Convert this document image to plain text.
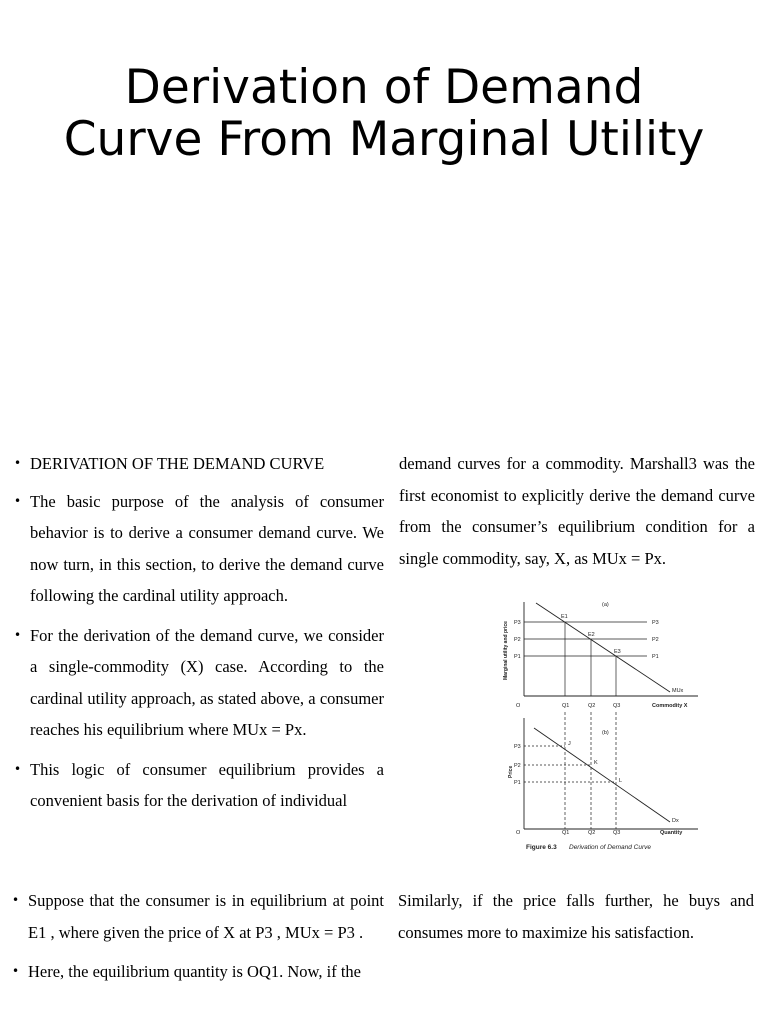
Derivation of Demand Curve From Marginal Utility
• DERIVATION OF THE DEMAND CURVE
• The basic purpose of the analysis of consumer behavior is to derive a consumer demand curve. We now turn, in this section, to derive the demand curve following the cardinal utility approach.
• For the derivation of the demand curve, we consider a single-commodity (X) case. According to the cardinal utility approach, as stated above, a consumer reaches his equilibrium where MUx = Px.
• This logic of consumer equilibrium provides a convenient basis for the derivation of individual

demand curves for a commodity. Marshall3 was the first economist to explicitly derive the demand curve from the consumer’s equilibrium condition for a single commodity, say, X, as MUx = Px.

(a)
Marginal utility and price P3
P2
P1
P3
P2
P1
MUx
E1
E2
E3
O	Q1	Q2	Q3	Commodity X
(b)
Price
P3
P2
P1
Dx
J
K
L
O	Q1	Q2	Q3	Quantity
Figure 6.3 Derivation of Demand Curve
• Suppose that the consumer is in equilibrium at point E1 , where given the price of X at P3 , MUx = P3 .
• Here, the equilibrium quantity is OQ1. Now, if the

Similarly, if the price falls further, he buys and consumes more to maximize his satisfaction.
